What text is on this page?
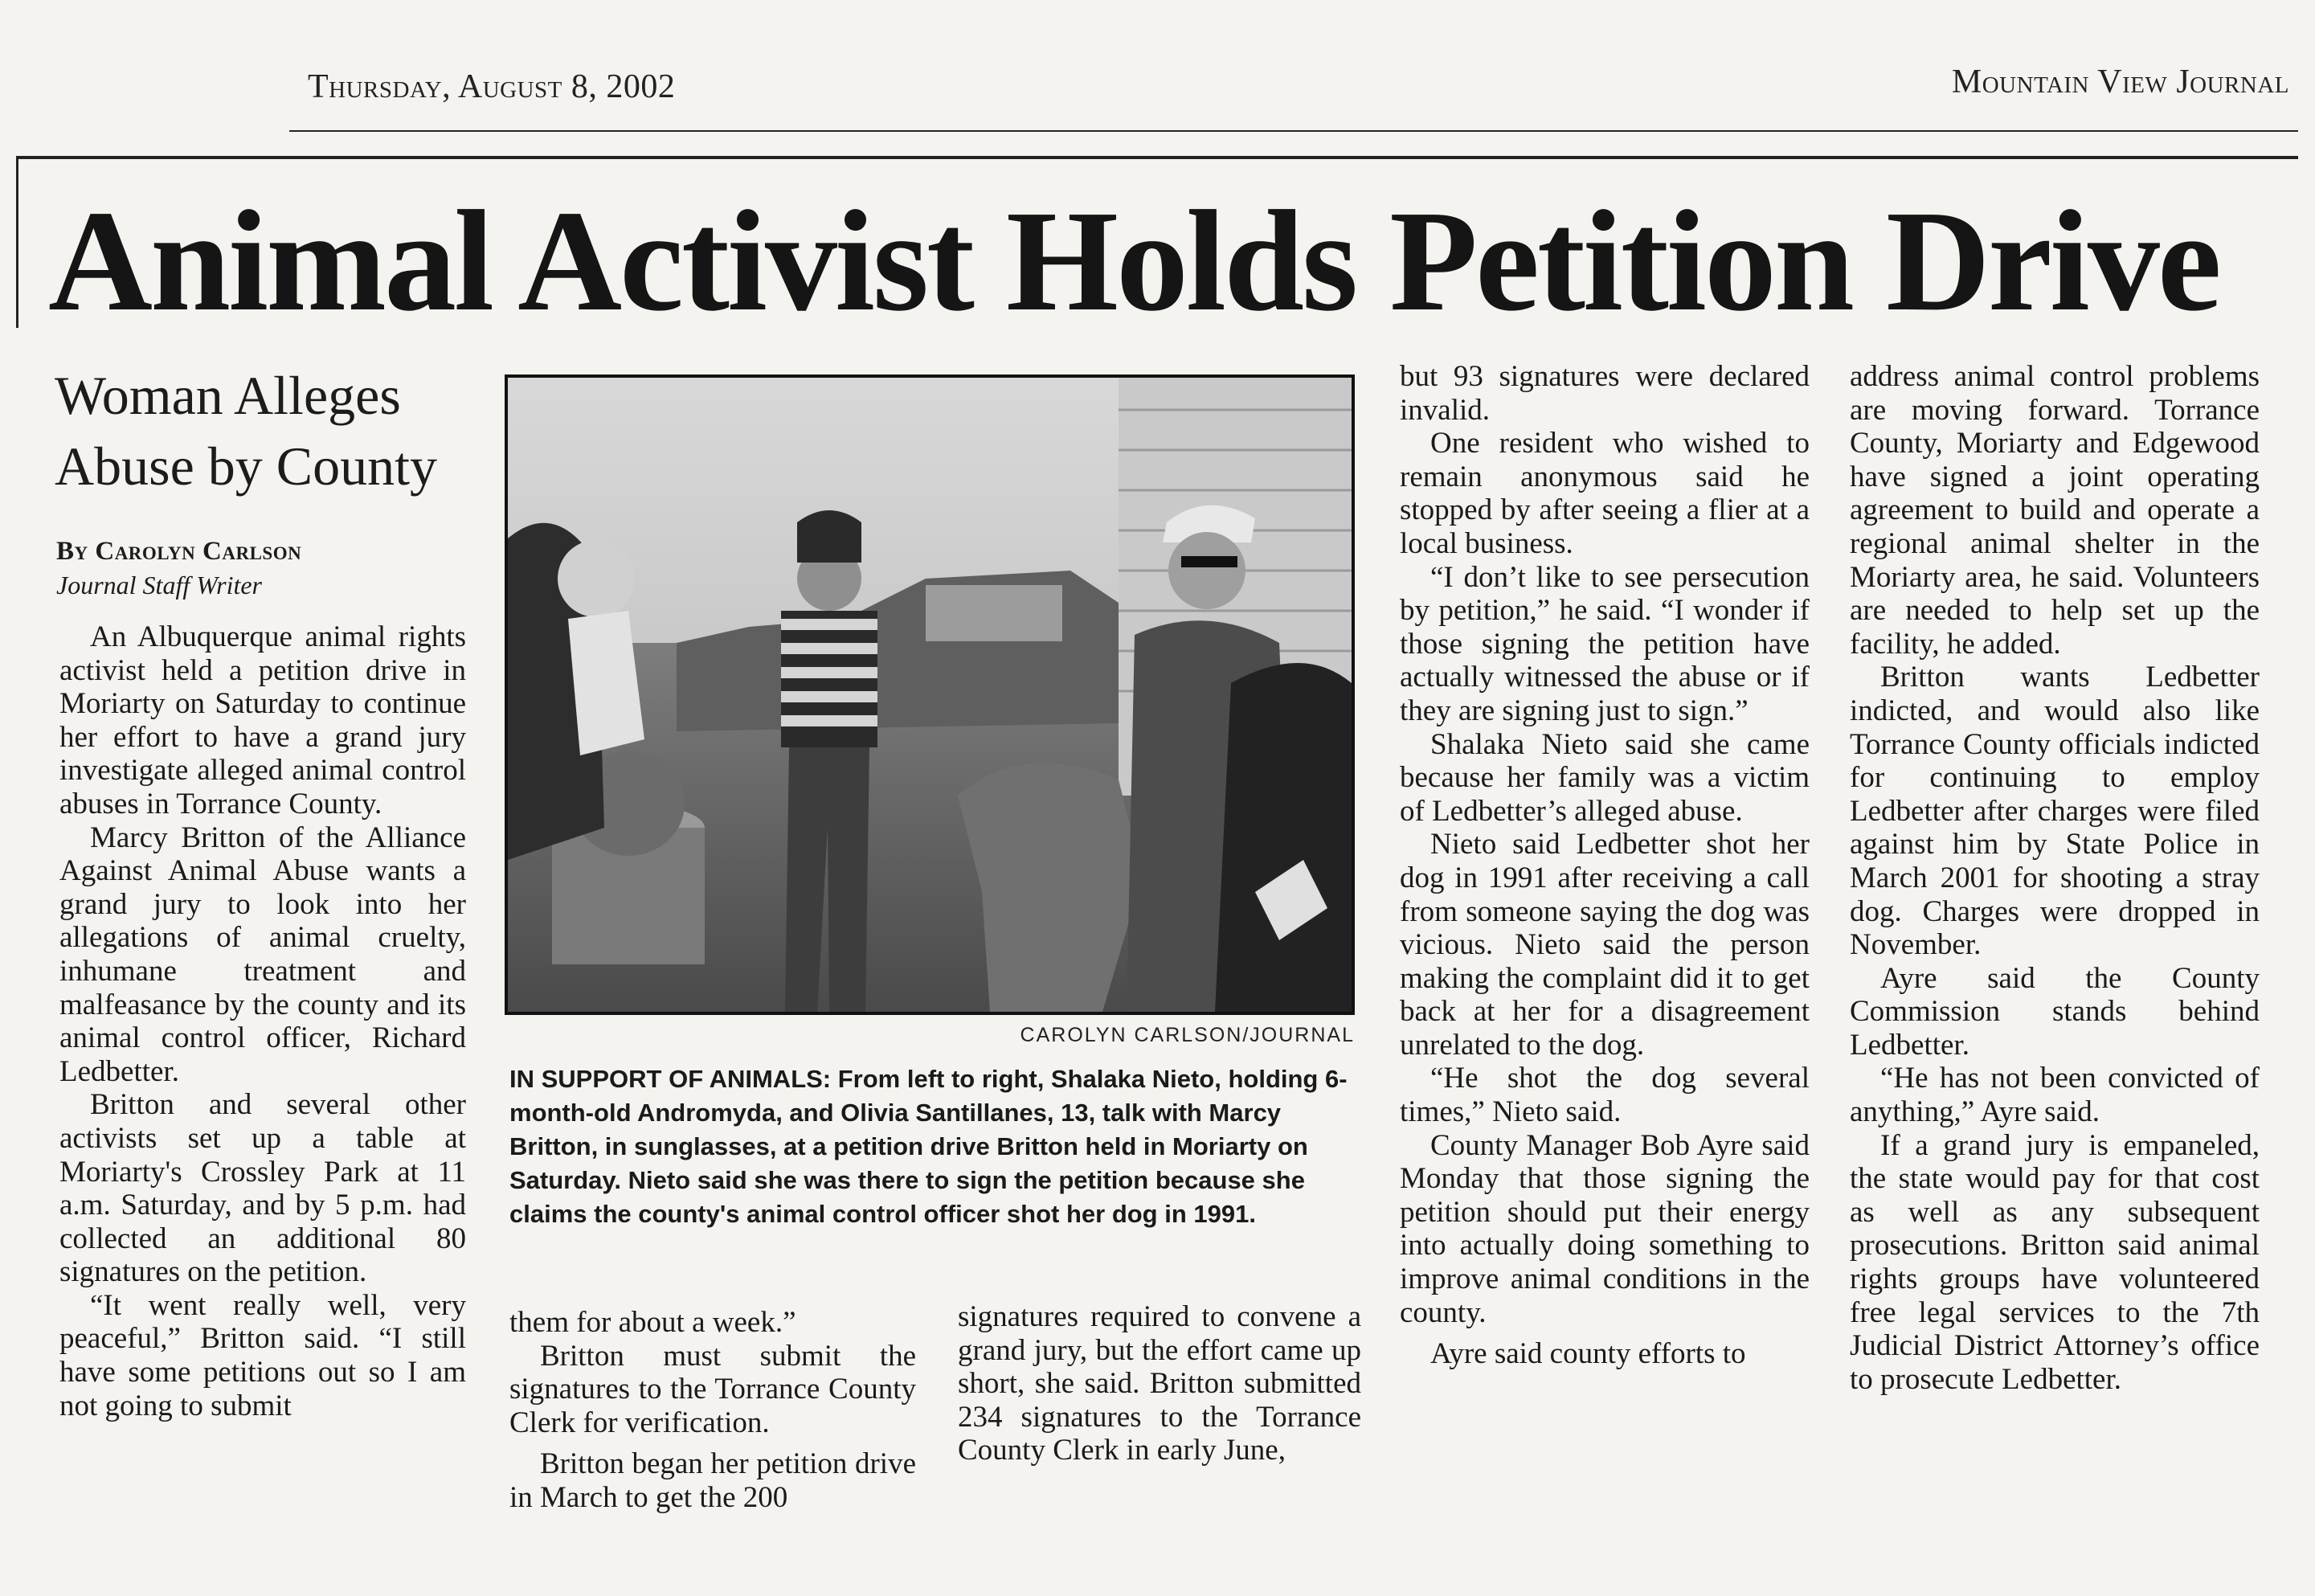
Thursday, August 8, 2002	Mountain View Journal
Animal Activist Holds Petition Drive
Woman Alleges
Abuse by County
By Carolyn Carlson
Journal Staff Writer

An Albuquerque animal rights activist held a petition drive in Moriarty on Saturday to continue her effort to have a grand jury investigate alleged animal control abuses in Torrance County.

Marcy Britton of the Alliance Against Animal Abuse wants a grand jury to look into her allegations of animal cruelty, inhumane treatment and malfeasance by the county and its animal control officer, Richard Ledbetter.

Britton and several other activists set up a table at Moriarty's Crossley Park at 11 a.m. Saturday, and by 5 p.m. had collected an additional 80 signatures on the petition.

“It went really well, very peaceful,” Britton said. “I still have some petitions out so I am not going to submit

CAROLYN CARLSON/JOURNAL
IN SUPPORT OF ANIMALS: From left to right, Shalaka Nieto, holding 6-month-old Andromyda, and Olivia Santillanes, 13, talk with Marcy Britton, in sunglasses, at a petition drive Britton held in Moriarty on Saturday. Nieto said she was there to sign the petition because she claims the county's animal control officer shot her dog in 1991.

them for about a week.”

Britton must submit the signatures to the Torrance County Clerk for verification.

Britton began her petition drive in March to get the 200

signatures required to convene a grand jury, but the effort came up short, she said. Britton submitted 234 signatures to the Torrance County Clerk in early June,

but 93 signatures were declared invalid.

One resident who wished to remain anonymous said he stopped by after seeing a flier at a local business.

“I don’t like to see persecution by petition,” he said. “I wonder if those signing the petition have actually witnessed the abuse or if they are signing just to sign.”

Shalaka Nieto said she came because her family was a victim of Ledbetter’s alleged abuse.

Nieto said Ledbetter shot her dog in 1991 after receiving a call from someone saying the dog was vicious. Nieto said the person making the complaint did it to get back at her for a disagreement unrelated to the dog.

“He shot the dog several times,” Nieto said.

County Manager Bob Ayre said Monday that those signing the petition should put their energy into actually doing something to improve animal conditions in the county.

Ayre said county efforts to

address animal control problems are moving forward. Torrance County, Moriarty and Edgewood have signed a joint operating agreement to build and operate a regional animal shelter in the Moriarty area, he said. Volunteers are needed to help set up the facility, he added.

Britton wants Ledbetter indicted, and would also like Torrance County officials indicted for continuing to employ Ledbetter after charges were filed against him by State Police in March 2001 for shooting a stray dog. Charges were dropped in November.

Ayre said the County Commission stands behind Ledbetter.

“He has not been convicted of anything,” Ayre said.

If a grand jury is empaneled, the state would pay for that cost as well as any subsequent prosecutions. Britton said animal rights groups have volunteered free legal services to the 7th Judicial District Attorney’s office to prosecute Ledbetter.
